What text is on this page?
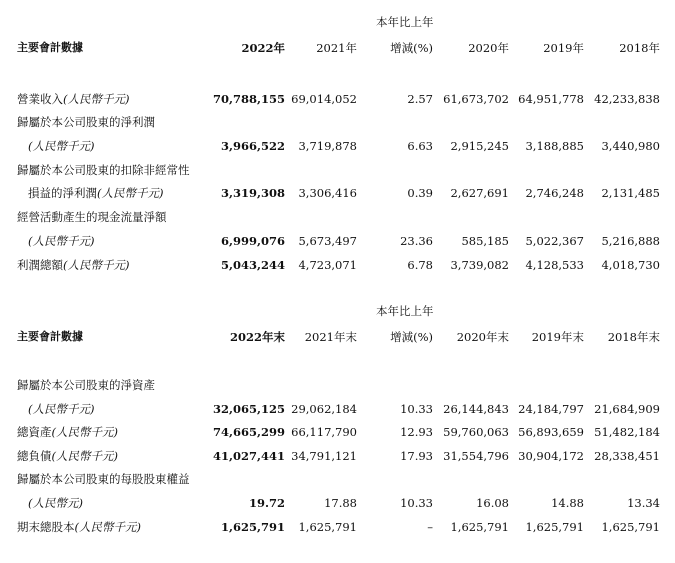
本年比上年
主要會計數據	2022年	2021年	增減(%)	2020年	2019年	2018年
營業收入(人民幣千元)	70,788,155 69,014,052	2.57 61,673,702 64,951,778 42,233,838
歸屬於本公司股東的淨利潤
(人民幣千元)	3,966,522 3,719,878	6.63 2,915,245 3,188,885 3,440,980
歸屬於本公司股東的扣除非經常性
損益的淨利潤(人民幣千元)	3,319,308 3,306,416	0.39 2,627,691 2,746,248 2,131,485
經營活動產生的現金流量淨額
(人民幣千元)	6,999,076 5,673,497	23.36 585,185 5,022,367 5,216,888
利潤總額(人民幣千元)	5,043,244 4,723,071	6.78 3,739,082 4,128,533 4,018,730
本年比上年
主要會計數據	2022年末 2021年末	增減(%) 2020年末 2019年末 2018年末
歸屬於本公司股東的淨資產
(人民幣千元)	32,065,125 29,062,184	10.33 26,144,843 24,184,797 21,684,909
總資產(人民幣千元)	74,665,299 66,117,790	12.93 59,760,063 56,893,659 51,482,184
總負債(人民幣千元)	41,027,441 34,791,121	17.93 31,554,796 30,904,172 28,338,451
歸屬於本公司股東的每股股東權益
(人民幣元)	19.72	17.88	10.33	16.08	14.88	13.34
期末總股本(人民幣千元)	1,625,791 1,625,791	– 1,625,791 1,625,791 1,625,791
